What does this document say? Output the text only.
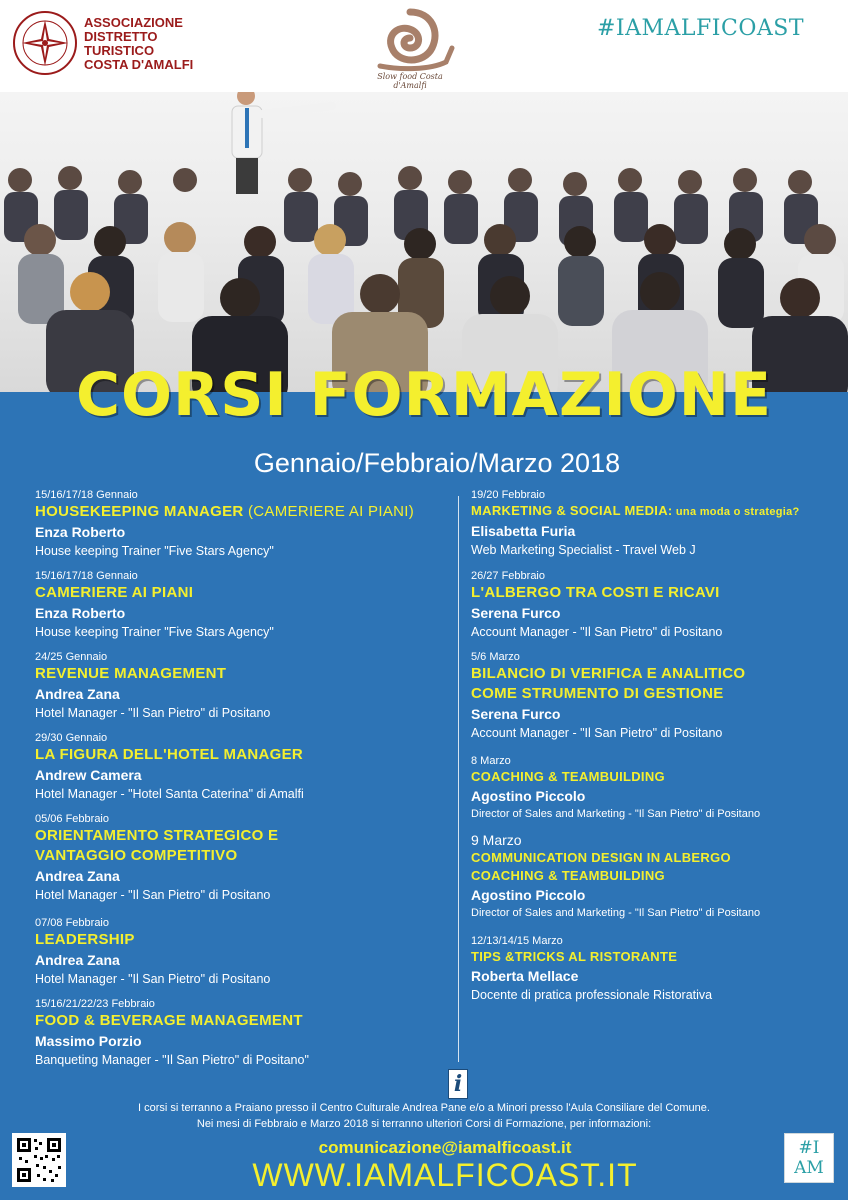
ASSOCIAZIONE
DISTRETTO
TURISTICO
COSTA D'AMALFI
Slow food Costa d'Amalfi
#IAMALFICOAST
CORSI FORMAZIONE
Gennaio/Febbraio/Marzo 2018
15/16/17/18 Gennaio
HOUSEKEEPING MANAGER (CAMERIERE AI PIANI)
Enza Roberto
House keeping Trainer "Five Stars Agency"
15/16/17/18 Gennaio
CAMERIERE AI PIANI
Enza Roberto
House keeping Trainer "Five Stars Agency"
24/25 Gennaio
REVENUE MANAGEMENT
Andrea Zana
Hotel Manager - "Il San Pietro" di Positano
29/30 Gennaio
LA FIGURA DELL'HOTEL MANAGER
Andrew Camera
Hotel Manager - "Hotel Santa Caterina" di Amalfi
05/06 Febbraio
ORIENTAMENTO STRATEGICO E
VANTAGGIO COMPETITIVO
Andrea Zana
Hotel Manager - "Il San Pietro" di Positano
07/08 Febbraio
LEADERSHIP
Andrea Zana
Hotel Manager - "Il San Pietro" di Positano
15/16/21/22/23 Febbraio
FOOD & BEVERAGE MANAGEMENT
Massimo Porzio
Banqueting Manager - "Il San Pietro" di Positano"
19/20 Febbraio
MARKETING & SOCIAL MEDIA: una moda o strategia?
Elisabetta Furia
Web Marketing Specialist - Travel Web J
26/27 Febbraio
L'ALBERGO TRA COSTI E RICAVI
Serena Furco
Account Manager - "Il San Pietro" di Positano
5/6 Marzo
BILANCIO DI VERIFICA E ANALITICO
COME STRUMENTO DI GESTIONE
Serena Furco
Account Manager - "Il San Pietro" di Positano
8 Marzo
COACHING & TEAMBUILDING
Agostino Piccolo
Director of Sales and Marketing - "Il San Pietro" di Positano
9 Marzo
COMMUNICATION DESIGN IN ALBERGO
COACHING & TEAMBUILDING
Agostino Piccolo
Director of Sales and Marketing - "Il San Pietro" di Positano
12/13/14/15 Marzo
TIPS &TRICKS AL RISTORANTE
Roberta Mellace
Docente di pratica professionale Ristorativa
i
I corsi si terranno a Praiano presso il Centro Culturale Andrea Pane e/o a Minori presso l'Aula Consiliare del Comune.
Nei mesi di Febbraio e Marzo 2018 si terranno ulteriori Corsi di Formazione, per informazioni:
comunicazione@iamalficoast.it
WWW.IAMALFICOAST.IT
#I
AM
